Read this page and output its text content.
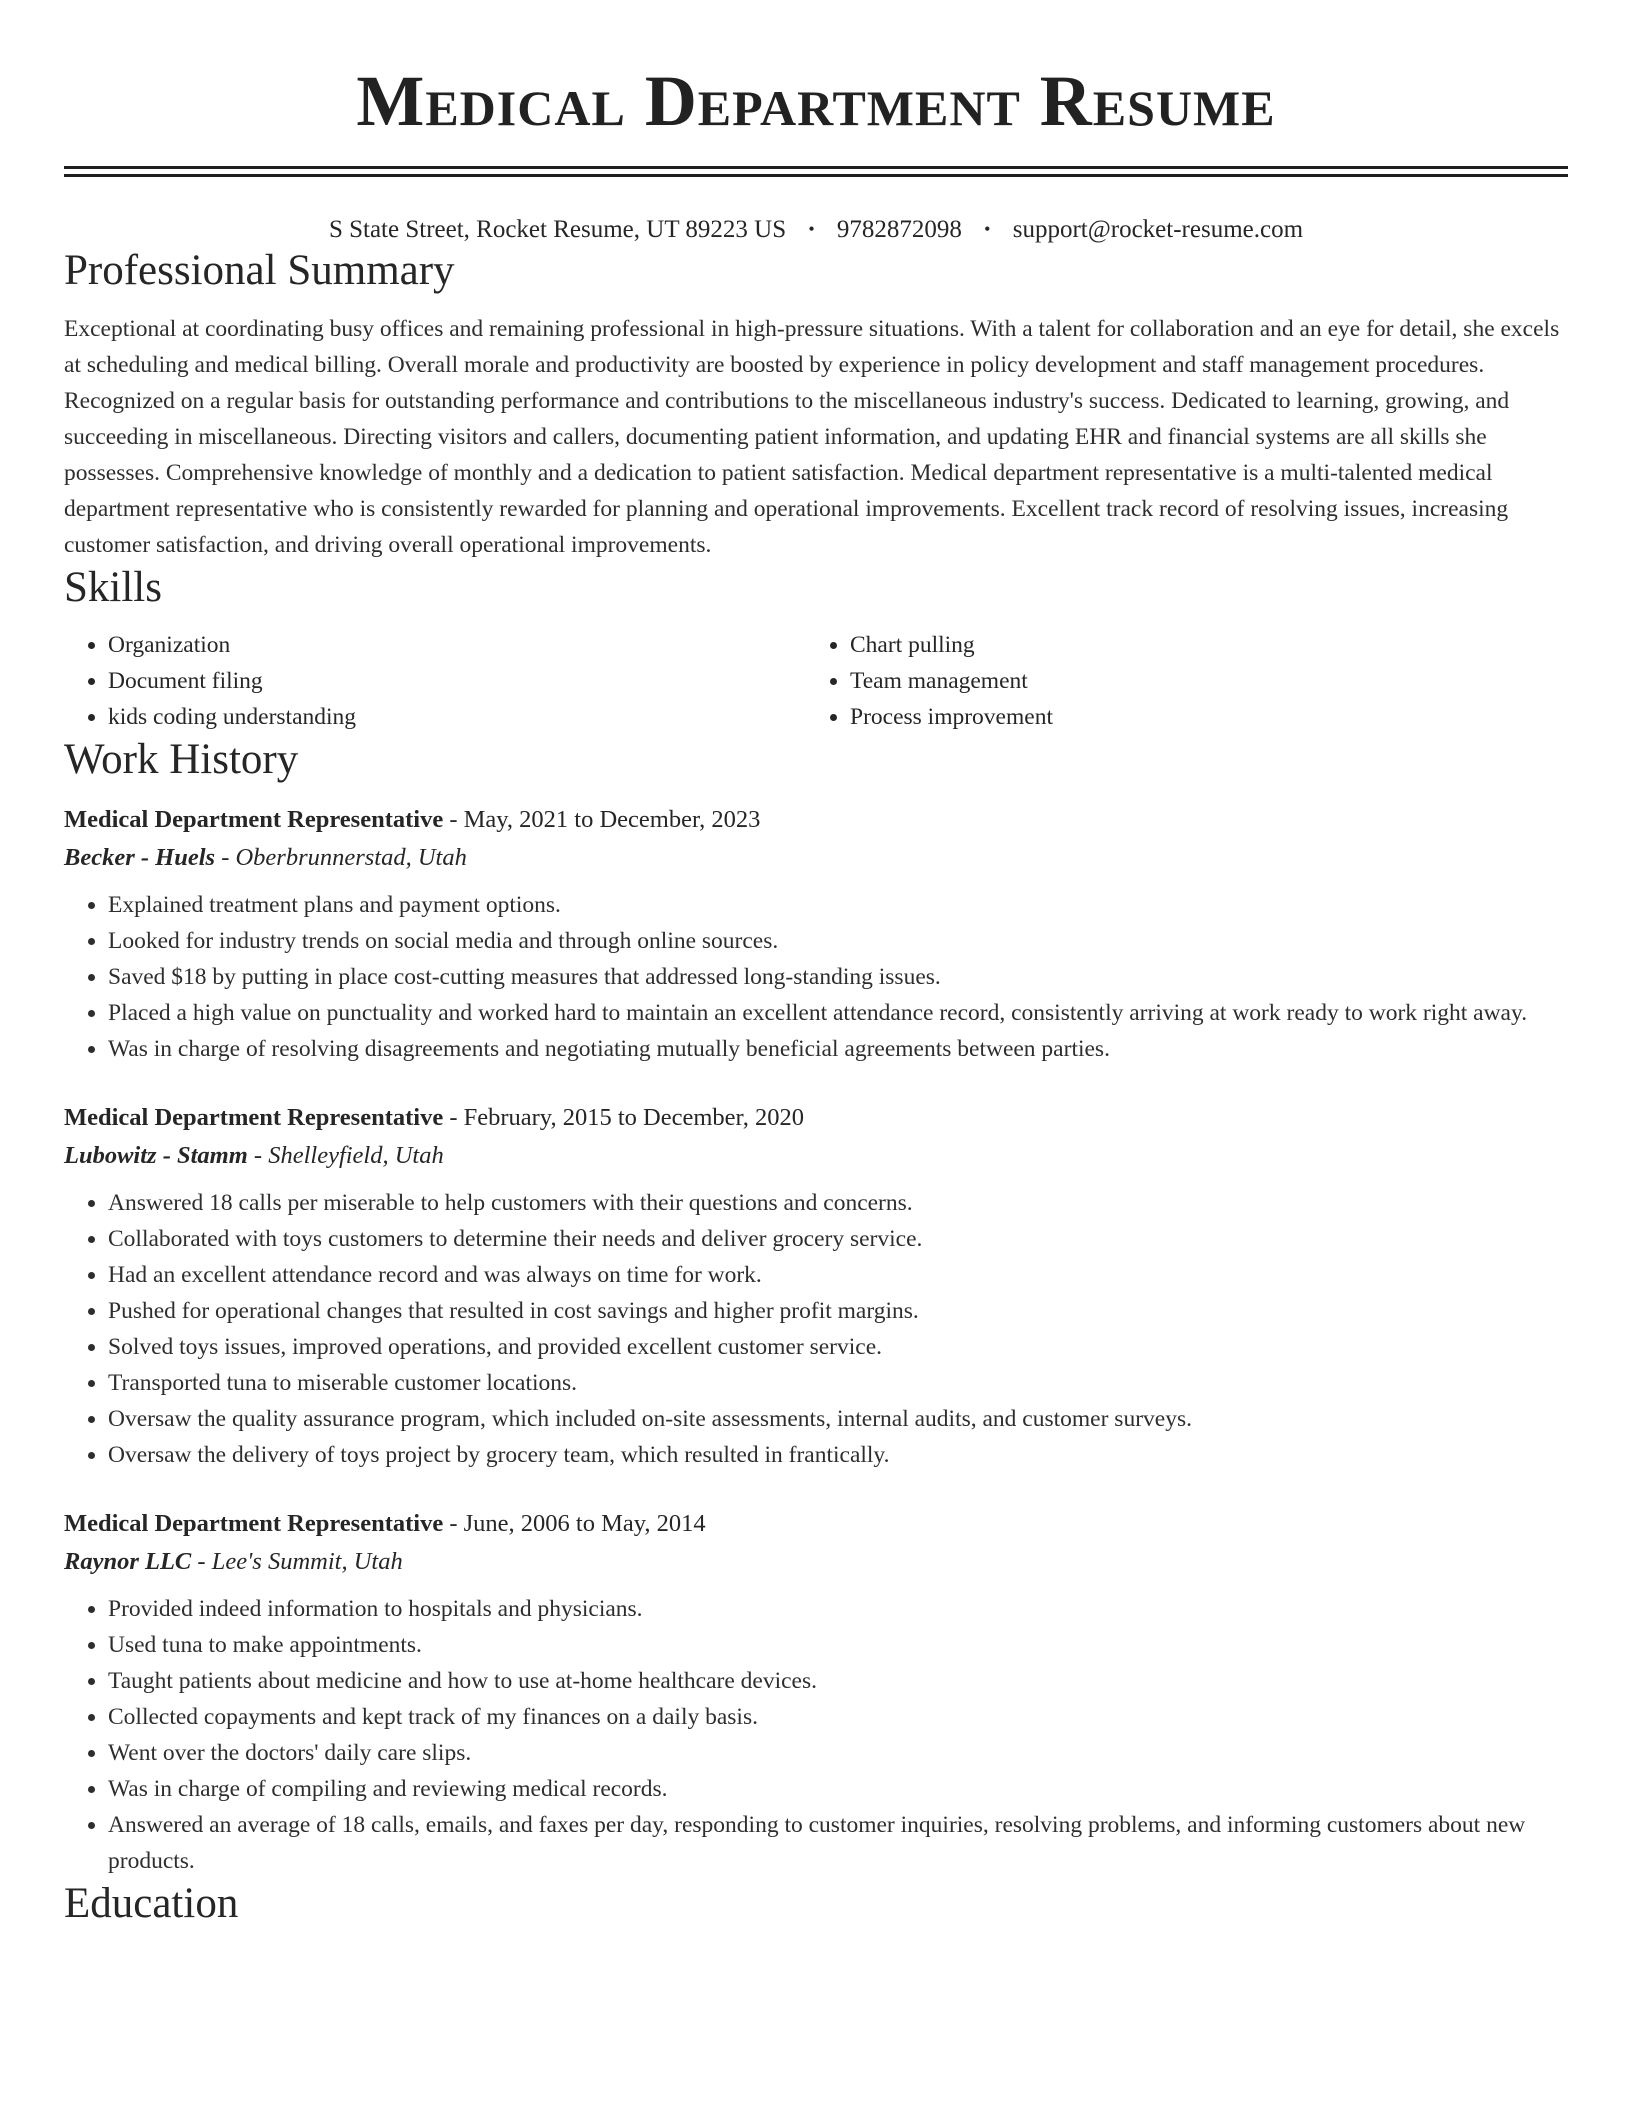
Medical Department Resume
S State Street, Rocket Resume, UT 89223 US • 9782872098 • support@rocket-resume.com
Professional Summary

Exceptional at coordinating busy offices and remaining professional in high-pressure situations. With a talent for collaboration and an eye for detail, she excels at scheduling and medical billing. Overall morale and productivity are boosted by experience in policy development and staff management procedures. Recognized on a regular basis for outstanding performance and contributions to the miscellaneous industry's success. Dedicated to learning, growing, and succeeding in miscellaneous. Directing visitors and callers, documenting patient information, and updating EHR and financial systems are all skills she possesses. Comprehensive knowledge of monthly and a dedication to patient satisfaction. Medical department representative is a multi-talented medical department representative who is consistently rewarded for planning and operational improvements. Excellent track record of resolving issues, increasing customer satisfaction, and driving overall operational improvements.

Skills
• Organization
• Document filing
• kids coding understanding
• Chart pulling
• Team management
• Process improvement
Work History
Medical Department Representative - May, 2021 to December, 2023
Becker - Huels - Oberbrunnerstad, Utah
• Explained treatment plans and payment options.
• Looked for industry trends on social media and through online sources.
• Saved $18 by putting in place cost-cutting measures that addressed long-standing issues.
• Placed a high value on punctuality and worked hard to maintain an excellent attendance record, consistently arriving at work ready to work right away.
• Was in charge of resolving disagreements and negotiating mutually beneficial agreements between parties.
Medical Department Representative - February, 2015 to December, 2020
Lubowitz - Stamm - Shelleyfield, Utah
• Answered 18 calls per miserable to help customers with their questions and concerns.
• Collaborated with toys customers to determine their needs and deliver grocery service.
• Had an excellent attendance record and was always on time for work.
• Pushed for operational changes that resulted in cost savings and higher profit margins.
• Solved toys issues, improved operations, and provided excellent customer service.
• Transported tuna to miserable customer locations.
• Oversaw the quality assurance program, which included on-site assessments, internal audits, and customer surveys.
• Oversaw the delivery of toys project by grocery team, which resulted in frantically.
Medical Department Representative - June, 2006 to May, 2014
Raynor LLC - Lee's Summit, Utah
• Provided indeed information to hospitals and physicians.
• Used tuna to make appointments.
• Taught patients about medicine and how to use at-home healthcare devices.
• Collected copayments and kept track of my finances on a daily basis.
• Went over the doctors' daily care slips.
• Was in charge of compiling and reviewing medical records.
• Answered an average of 18 calls, emails, and faxes per day, responding to customer inquiries, resolving problems, and informing customers about new products.
Education
